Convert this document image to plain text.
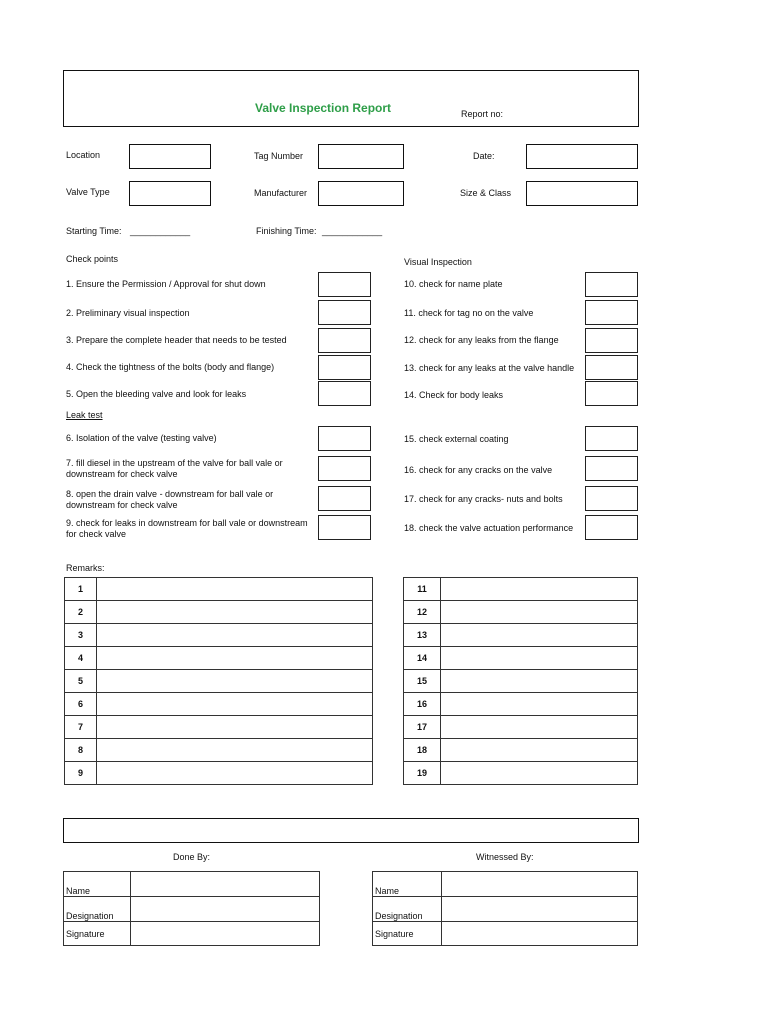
Valve Inspection Report	Report no:
Location	Tag Number	Date:
Valve Type	Manufacturer	Size & Class
Starting Time: ____________	Finishing Time: ____________
Check points	Visual Inspection
1. Ensure the Permission / Approval for shut down
2. Preliminary visual inspection
3. Prepare the complete header that needs to be tested
4. Check the tightness of the bolts (body and flange)
5. Open the bleeding valve and look for leaks
10. check for name plate
11. check for tag no on the valve
12. check for any leaks from the flange
13. check for any leaks at the valve handle
14. Check for body leaks
Leak test
6. Isolation of the valve (testing valve)
7. fill diesel in the upstream of the valve for ball vale or downstream for check valve
8. open the drain valve - downstream for ball vale or downstream for check valve
9. check for leaks in downstream for ball vale or downstream for check valve
15. check external coating
16. check for any cracks on the valve
17. check for any cracks- nuts and bolts
18. check the valve actuation performance
Remarks:
1	
2	
3	
4	
5	
6	
7	
8	
9	
11	
12	
13	
14	
15	
16	
17	
18	
19	
Done By:	Witnessed By:
Name	
Designation	
Signature	
Name	
Designation	
Signature	
